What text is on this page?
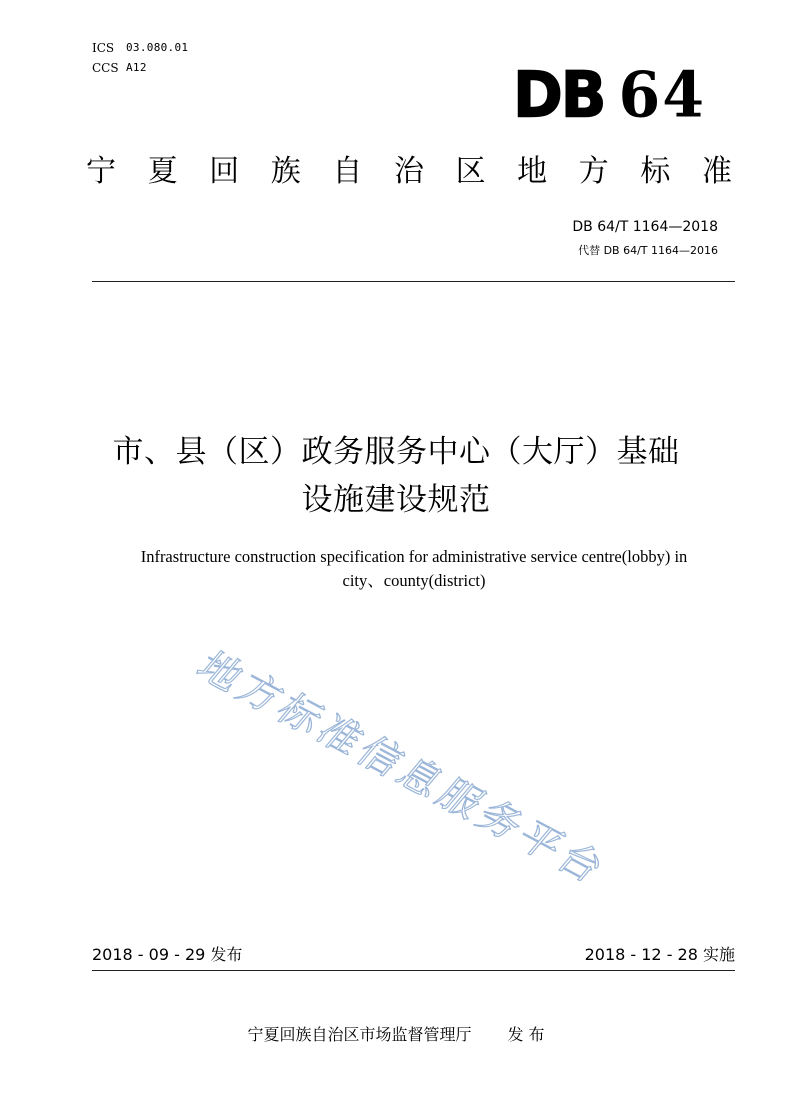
ICS	03.080.01
CCS A12	DB 64
宁 夏 回 族 自 治 区 地 方 标 准
DB 64/T 1164—2018
代替 DB 64/T 1164—2016
市、县（区）政务服务中心（大厅）基础
设施建设规范
Infrastructure construction specification for administrative service centre(lobby) in
city、county(district)
地
方
标
准
信
息
服
务
平
台
2018 - 09 - 29 发布	2018 - 12 - 28 实施
宁夏回族自治区市场监督管理厅 发 布
